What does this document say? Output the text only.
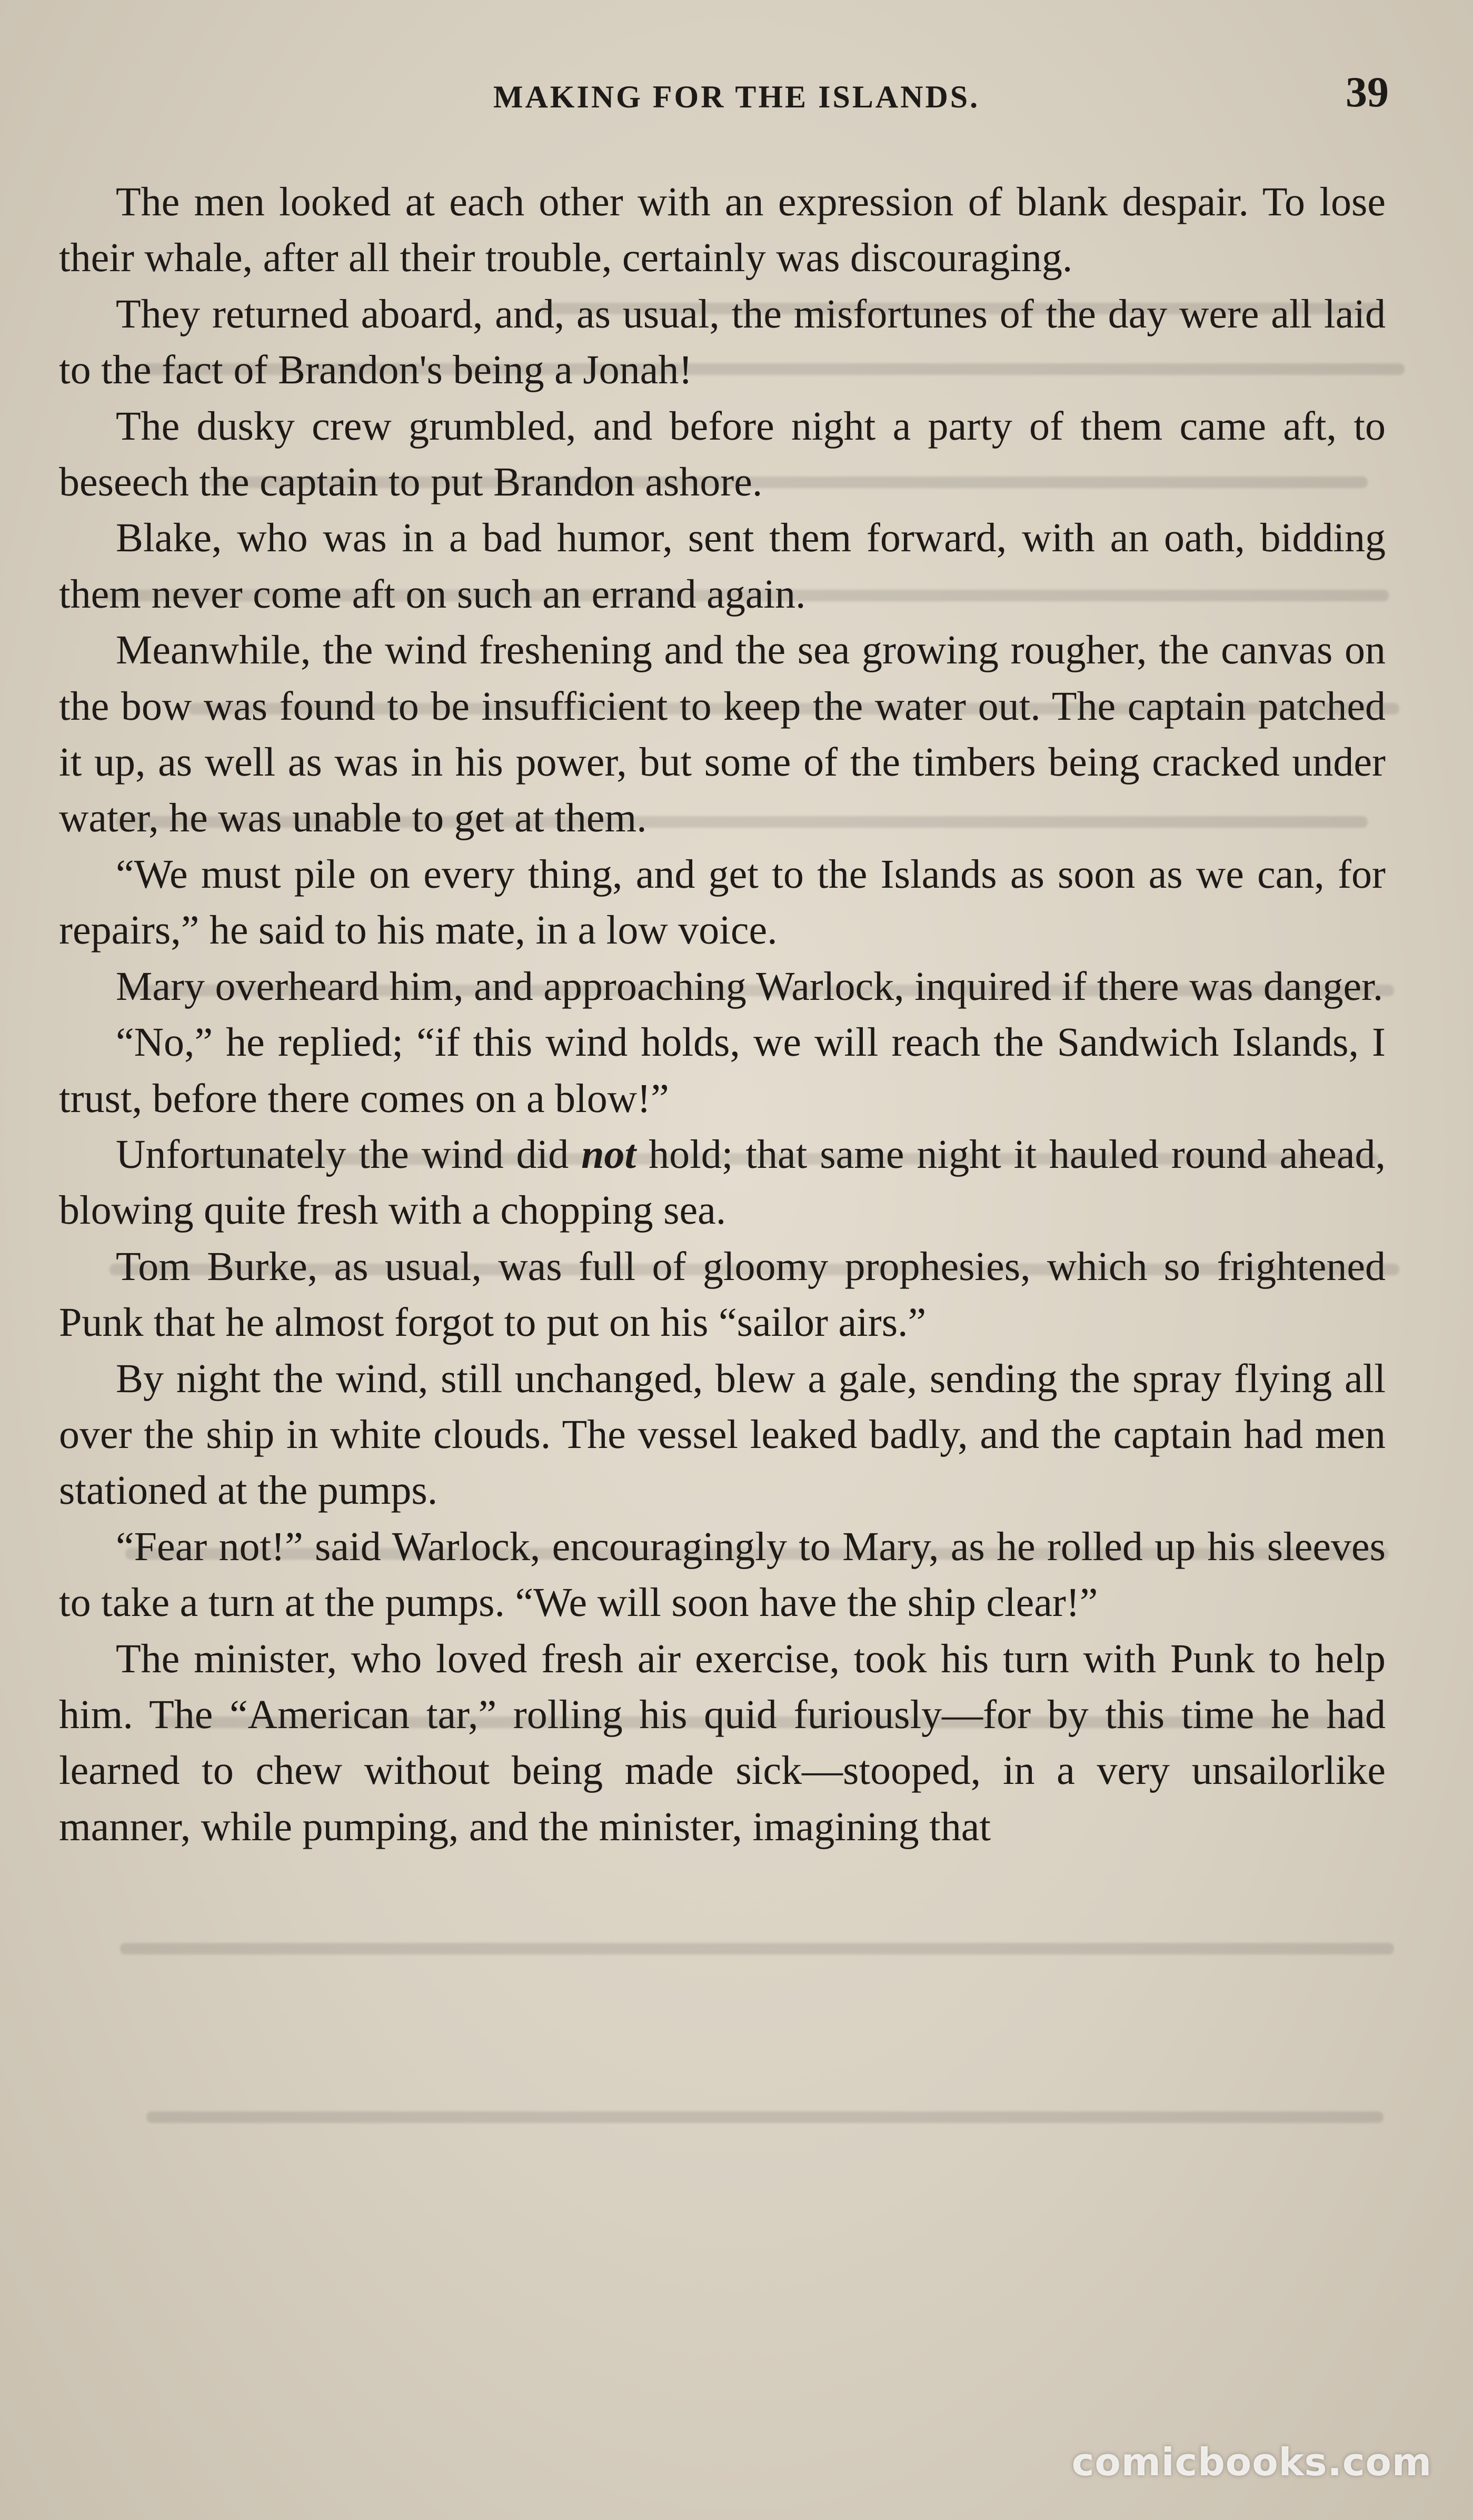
MAKING FOR THE ISLANDS.	39

The men looked at each other with an expression of blank despair. To lose their whale, after all their trouble, certainly was discouraging.

They returned aboard, and, as usual, the misfortunes of the day were all laid to the fact of Brandon's being a Jonah!

The dusky crew grumbled, and before night a party of them came aft, to beseech the captain to put Brandon ashore.

Blake, who was in a bad humor, sent them forward, with an oath, bidding them never come aft on such an errand again.

Meanwhile, the wind freshening and the sea growing rougher, the canvas on the bow was found to be insufficient to keep the water out. The captain patched it up, as well as was in his power, but some of the timbers being cracked under water, he was unable to get at them.

“We must pile on every thing, and get to the Islands as soon as we can, for repairs,” he said to his mate, in a low voice.

Mary overheard him, and approaching Warlock, inquired if there was danger.

“No,” he replied; “if this wind holds, we will reach the Sandwich Islands, I trust, before there comes on a blow!”

Unfortunately the wind did not hold; that same night it hauled round ahead, blowing quite fresh with a chopping sea.

Tom Burke, as usual, was full of gloomy prophesies, which so frightened Punk that he almost forgot to put on his “sailor airs.”

By night the wind, still unchanged, blew a gale, sending the spray flying all over the ship in white clouds. The vessel leaked badly, and the captain had men stationed at the pumps.

“Fear not!” said Warlock, encouragingly to Mary, as he rolled up his sleeves to take a turn at the pumps. “We will soon have the ship clear!”

The minister, who loved fresh air exercise, took his turn with Punk to help him. The “American tar,” rolling his quid furiously—for by this time he had learned to chew without being made sick—stooped, in a very unsailorlike manner, while pumping, and the minister, imagining that

comicbooks.com
